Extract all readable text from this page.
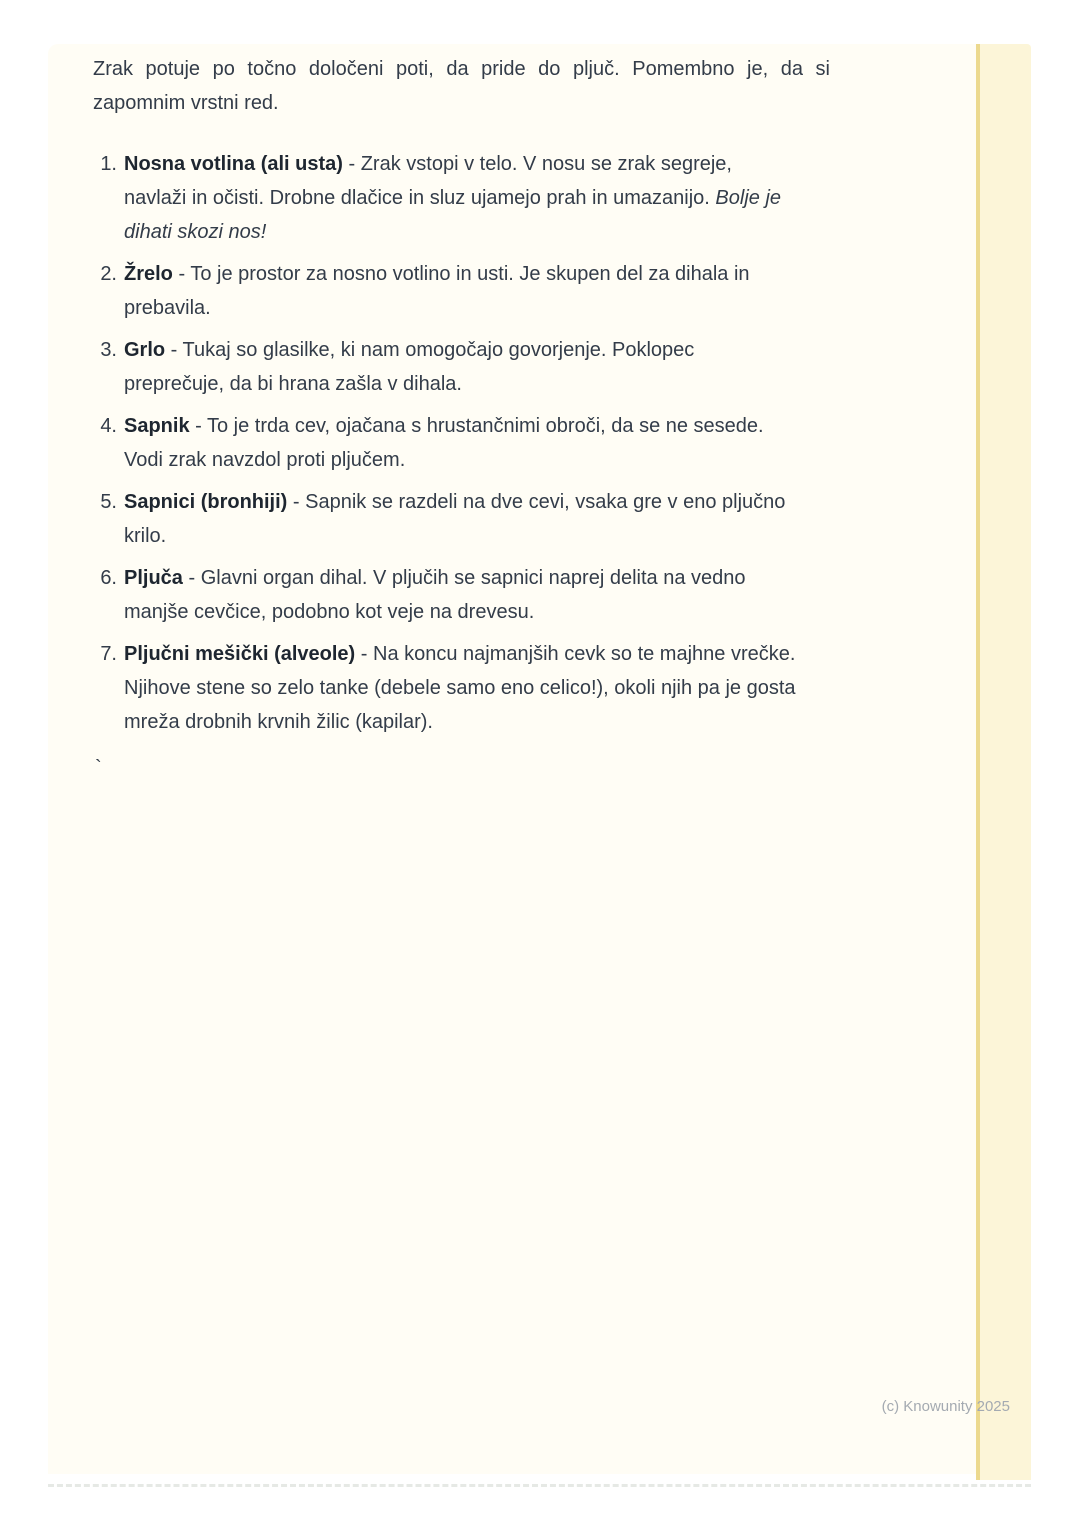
Zrak potuje po točno določeni poti, da pride do pljuč. Pomembno je, da si
zapomnim vrstni red.

1. Nosna votlina (ali usta) - Zrak vstopi v telo. V nosu se zrak segreje, navlaži in očisti. Drobne dlačice in sluz ujamejo prah in umazanijo. Bolje je dihati skozi nos!
2. Žrelo - To je prostor za nosno votlino in usti. Je skupen del za dihala in prebavila.
3. Grlo - Tukaj so glasilke, ki nam omogočajo govorjenje. Poklopec preprečuje, da bi hrana zašla v dihala.
4. Sapnik - To je trda cev, ojačana s hrustančnimi obroči, da se ne sesede. Vodi zrak navzdol proti pljučem.
5. Sapnici (bronhiji) - Sapnik se razdeli na dve cevi, vsaka gre v eno pljučno krilo.
6. Pljuča - Glavni organ dihal. V pljučih se sapnici naprej delita na vedno manjše cevčice, podobno kot veje na drevesu.
7. Pljučni mešički (alveole) - Na koncu najmanjših cevk so te majhne vrečke. Njihove stene so zelo tanke (debele samo eno celico!), okoli njih pa je gosta mreža drobnih krvnih žilic (kapilar).
`
(c) Knowunity 2025
